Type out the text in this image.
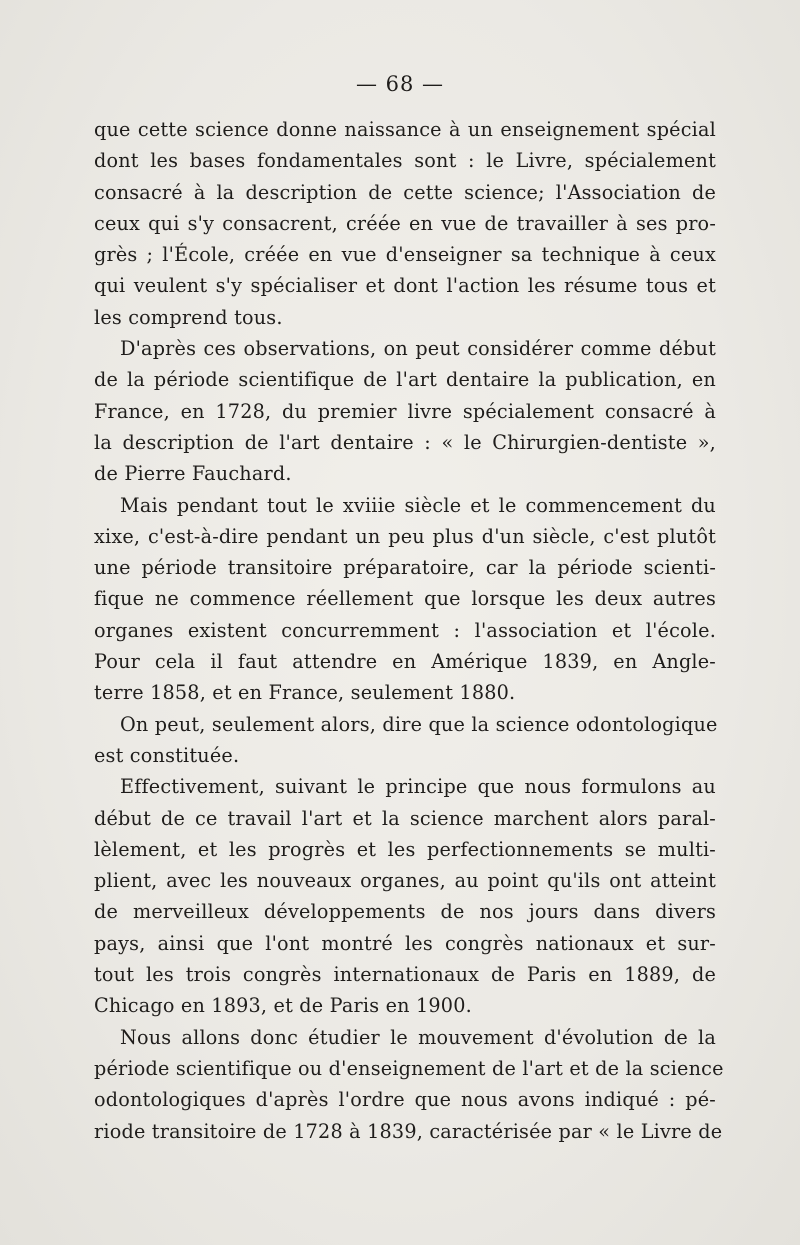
— 68 —
que cette science donne naissance à un enseignement spécial
dont les bases fondamentales sont : le Livre, spécialement
consacré à la description de cette science; l'Association de
ceux qui s'y consacrent, créée en vue de travailler à ses pro-
grès ; l'École, créée en vue d'enseigner sa technique à ceux
qui veulent s'y spécialiser et dont l'action les résume tous et
les comprend tous.
D'après ces observations, on peut considérer comme début
de la période scientifique de l'art dentaire la publication, en
France, en 1728, du premier livre spécialement consacré à
la description de l'art dentaire : « le Chirurgien-dentiste »,
de Pierre Fauchard.
Mais pendant tout le xviiie siècle et le commencement du
xixe, c'est-à-dire pendant un peu plus d'un siècle, c'est plutôt
une période transitoire préparatoire, car la période scienti-
fique ne commence réellement que lorsque les deux autres
organes existent concurremment : l'association et l'école.
Pour cela il faut attendre en Amérique 1839, en Angle-
terre 1858, et en France, seulement 1880.
On peut, seulement alors, dire que la science odontologique
est constituée.
Effectivement, suivant le principe que nous formulons au
début de ce travail l'art et la science marchent alors paral-
lèlement, et les progrès et les perfectionnements se multi-
plient, avec les nouveaux organes, au point qu'ils ont atteint
de merveilleux développements de nos jours dans divers
pays, ainsi que l'ont montré les congrès nationaux et sur-
tout les trois congrès internationaux de Paris en 1889, de
Chicago en 1893, et de Paris en 1900.
Nous allons donc étudier le mouvement d'évolution de la
période scientifique ou d'enseignement de l'art et de la science
odontologiques d'après l'ordre que nous avons indiqué : pé-
riode transitoire de 1728 à 1839, caractérisée par « le Livre de
